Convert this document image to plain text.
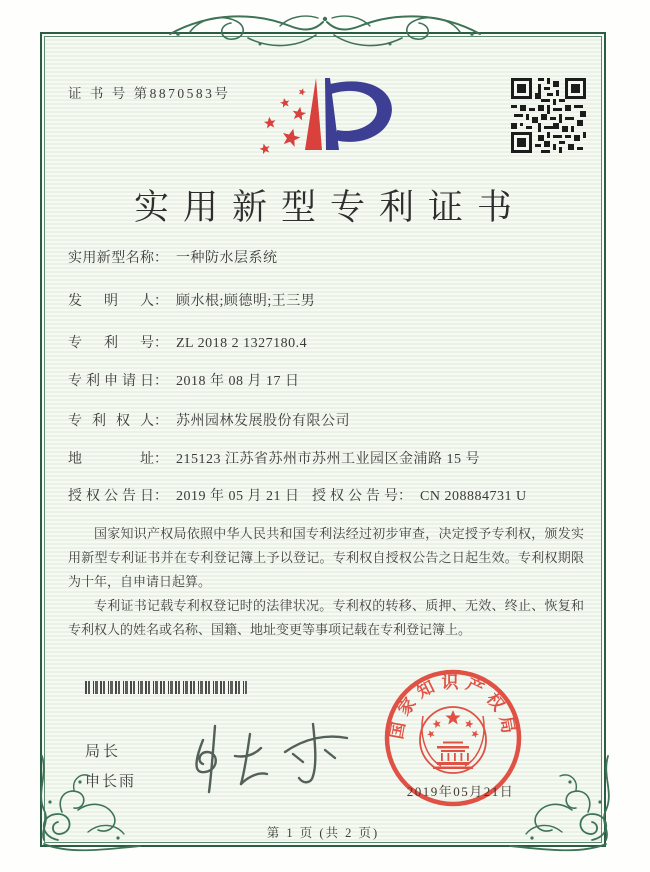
证 书 号 第8870583号
实用新型专利证书
实用新型名称： 一种防水层系统
发明人： 顾水根;顾德明;王三男
专利号： ZL 2018 2 1327180.4
专利申请日： 2018 年 08 月 17 日
专利权人： 苏州园林发展股份有限公司
地址： 215123 江苏省苏州市苏州工业园区金浦路 15 号
授权公告日： 2019 年 05 月 21 日 授权公告号： CN 208884731 U

国家知识产权局依照中华人民共和国专利法经过初步审查，决定授予专利权，颁发实用新型专利证书并在专利登记簿上予以登记。专利权自授权公告之日起生效。专利权期限为十年，自申请日起算。

专利证书记载专利权登记时的法律状况。专利权的转移、质押、无效、终止、恢复和专利权人的姓名或名称、国籍、地址变更等事项记载在专利登记簿上。

局长
申长雨
国家知识产权局
2019年05月21日
第 1 页 (共 2 页)
